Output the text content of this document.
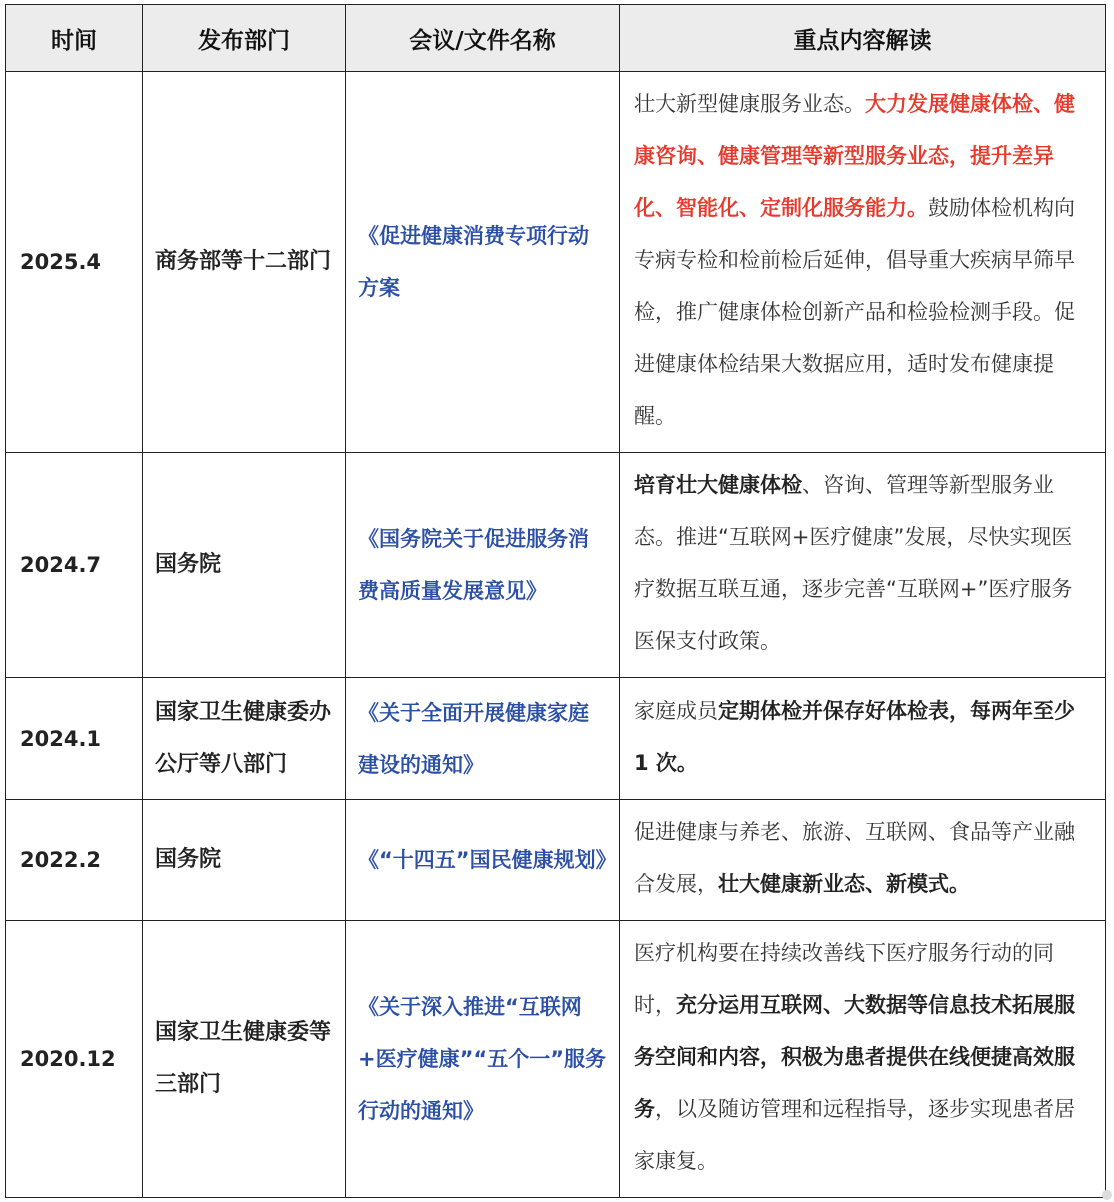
时间	发布部门	会议/文件名称	重点内容解读
2025.4	商务部等十二部门	《促进健康消费专项行动方案	壮大新型健康服务业态。大力发展健康体检、健康咨询、健康管理等新型服务业态，提升差异化、智能化、定制化服务能力。鼓励体检机构向专病专检和检前检后延伸，倡导重大疾病早筛早检，推广健康体检创新产品和检验检测手段。促进健康体检结果大数据应用，适时发布健康提醒。
2024.7	国务院	《国务院关于促进服务消费高质量发展意见》	培育壮大健康体检、咨询、管理等新型服务业态。推进“互联网+医疗健康”发展，尽快实现医疗数据互联互通，逐步完善“互联网+”医疗服务医保支付政策。
2024.1	国家卫生健康委办公厅等八部门	《关于全面开展健康家庭建设的通知》	家庭成员定期体检并保存好体检表，每两年至少 1 次。
2022.2	国务院	《“十四五”国民健康规划》	促进健康与养老、旅游、互联网、食品等产业融合发展，壮大健康新业态、新模式。
2020.12	国家卫生健康委等三部门	《关于深入推进“互联网+医疗健康”“五个一”服务行动的通知》	医疗机构要在持续改善线下医疗服务行动的同时，充分运用互联网、大数据等信息技术拓展服务空间和内容，积极为患者提供在线便捷高效服务，以及随访管理和远程指导，逐步实现患者居家康复。
